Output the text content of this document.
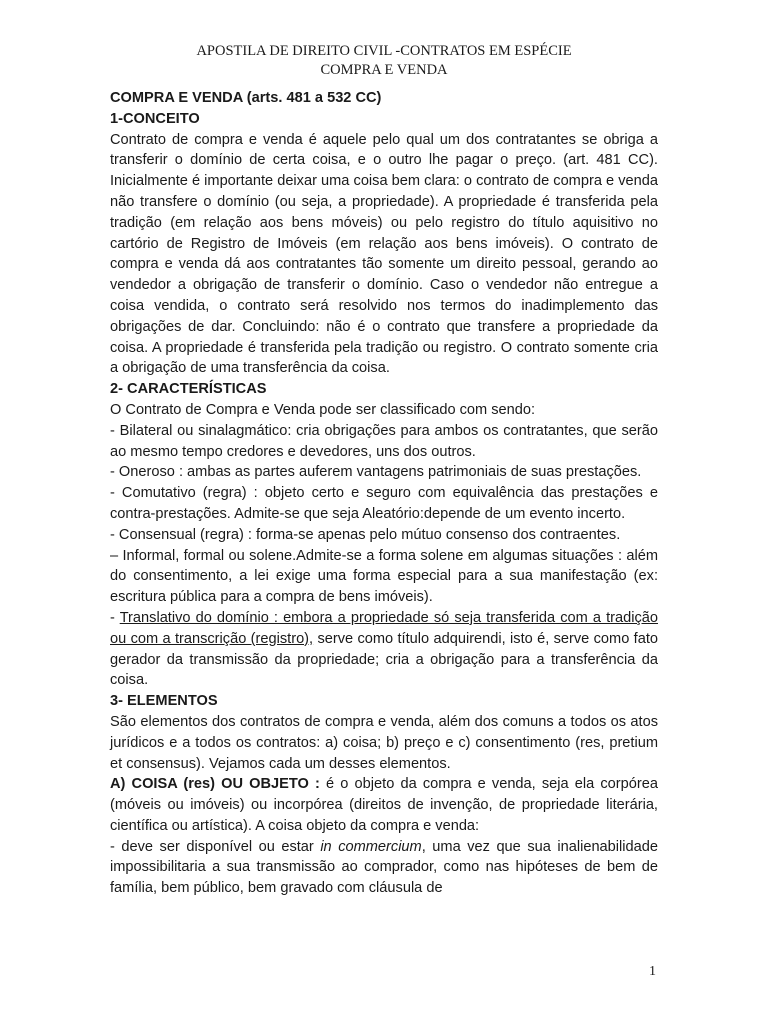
APOSTILA DE DIREITO CIVIL -CONTRATOS EM ESPÉCIE
COMPRA E VENDA

COMPRA E VENDA (arts. 481 a 532 CC)

1-CONCEITO

Contrato de compra e venda é aquele pelo qual um dos contratantes se obriga a transferir o domínio de certa coisa, e o outro lhe pagar o preço. (art. 481 CC). Inicialmente é importante deixar uma coisa bem clara: o contrato de compra e venda não transfere o domínio (ou seja, a propriedade). A propriedade é transferida pela tradição (em relação aos bens móveis) ou pelo registro do título aquisitivo no cartório de Registro de Imóveis (em relação aos bens imóveis). O contrato de compra e venda dá aos contratantes tão somente um direito pessoal, gerando ao vendedor a obrigação de transferir o domínio. Caso o vendedor não entregue a coisa vendida, o contrato será resolvido nos termos do inadimplemento das obrigações de dar. Concluindo: não é o contrato que transfere a propriedade da coisa. A propriedade é transferida pela tradição ou registro. O contrato somente cria a obrigação de uma transferência da coisa.

2- CARACTERÍSTICAS

O Contrato de Compra e Venda pode ser classificado com sendo:

- Bilateral ou sinalagmático: cria obrigações para ambos os contratantes, que serão ao mesmo tempo credores e devedores, uns dos outros.

- Oneroso : ambas as partes auferem vantagens patrimoniais de suas prestações.

- Comutativo (regra) : objeto certo e seguro com equivalência das prestações e contra-prestações. Admite-se que seja Aleatório:depende de um evento incerto.

- Consensual (regra) : forma-se apenas pelo mútuo consenso dos contraentes.

– Informal, formal ou solene.Admite-se a forma solene em algumas situações : além do consentimento, a lei exige uma forma especial para a sua manifestação (ex: escritura pública para a compra de bens imóveis).

- Translativo do domínio : embora a propriedade só seja transferida com a tradição ou com a transcrição (registro), serve como título adquirendi, isto é, serve como fato gerador da transmissão da propriedade; cria a obrigação para a transferência da coisa.

3- ELEMENTOS

São elementos dos contratos de compra e venda, além dos comuns a todos os atos jurídicos e a todos os contratos: a) coisa; b) preço e c) consentimento (res, pretium et consensus). Vejamos cada um desses elementos.

A) COISA (res) OU OBJETO : é o objeto da compra e venda, seja ela corpórea (móveis ou imóveis) ou incorpórea (direitos de invenção, de propriedade literária, científica ou artística). A coisa objeto da compra e venda:

- deve ser disponível ou estar in commercium, uma vez que sua inalienabilidade impossibilitaria a sua transmissão ao comprador, como nas hipóteses de bem de família, bem público, bem gravado com cláusula de

1
